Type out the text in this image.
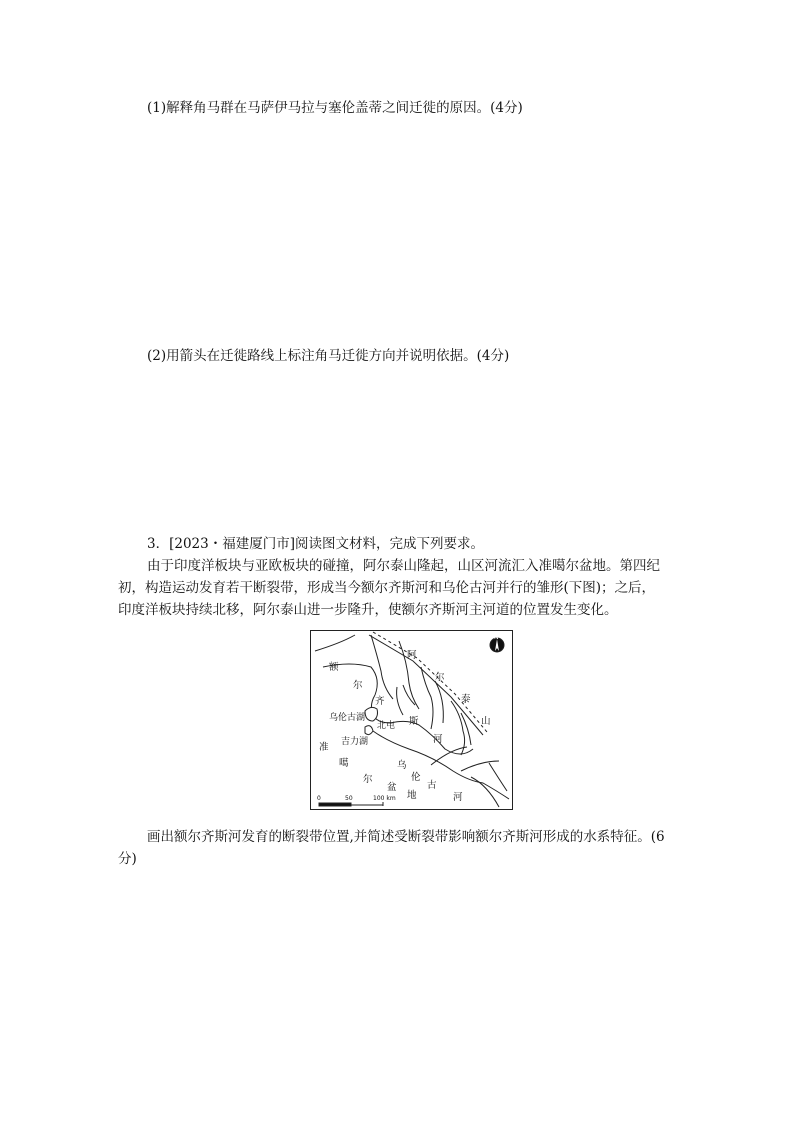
(1)解释角马群在马萨伊马拉与塞伦盖蒂之间迁徙的原因。(4分)
(2)用箭头在迁徙路线上标注角马迁徙方向并说明依据。(4分)
3．[2023・福建厦门市]阅读图文材料，完成下列要求。
由于印度洋板块与亚欧板块的碰撞，阿尔泰山隆起，山区河流汇入准噶尔盆地。第四纪
初，构造运动发育若干断裂带，形成当今额尔齐斯河和乌伦古河并行的雏形(下图)；之后，
印度洋板块持续北移，阿尔泰山进一步隆升，使额尔齐斯河主河道的位置发生变化。
阿
尔
泰
山
额
尔
齐
斯
河
乌伦古湖
北屯
吉力湖
准
噶
尔
盆
地
乌
伦
古
河
N
0	50	100 km
画出额尔齐斯河发育的断裂带位置,并简述受断裂带影响额尔齐斯河形成的水系特征。(6
分)
